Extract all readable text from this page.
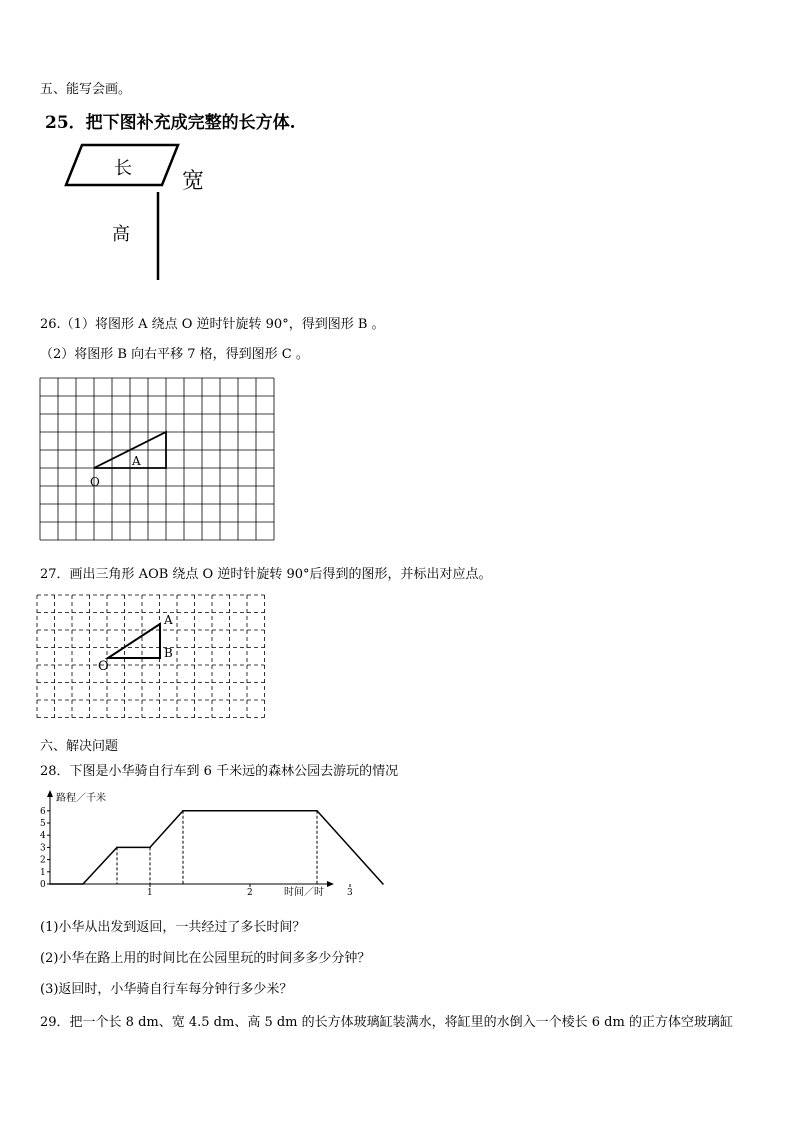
五、能写会画。
25．把下图补充成完整的长方体.
长
宽
高
26.（1）将图形 A 绕点 O 逆时针旋转 90°，得到图形 B 。
（2）将图形 B 向右平移 7 格，得到图形 C 。
A
O
27．画出三角形 AOB 绕点 O 逆时针旋转 90°后得到的图形，并标出对应点。
A
B
O
六、解决问题
28．下图是小华骑自行车到 6 千米远的森林公园去游玩的情况
路程／千米
时间／时
0
1
2
3
4
5
6
1	2	3
(1)小华从出发到返回，一共经过了多长时间？
(2)小华在路上用的时间比在公园里玩的时间多多少分钟？
(3)返回时，小华骑自行车每分钟行多少米？
29．把一个长 8 dm、宽 4.5 dm、高 5 dm 的长方体玻璃缸装满水，将缸里的水倒入一个棱长 6 dm 的正方体空玻璃缸
